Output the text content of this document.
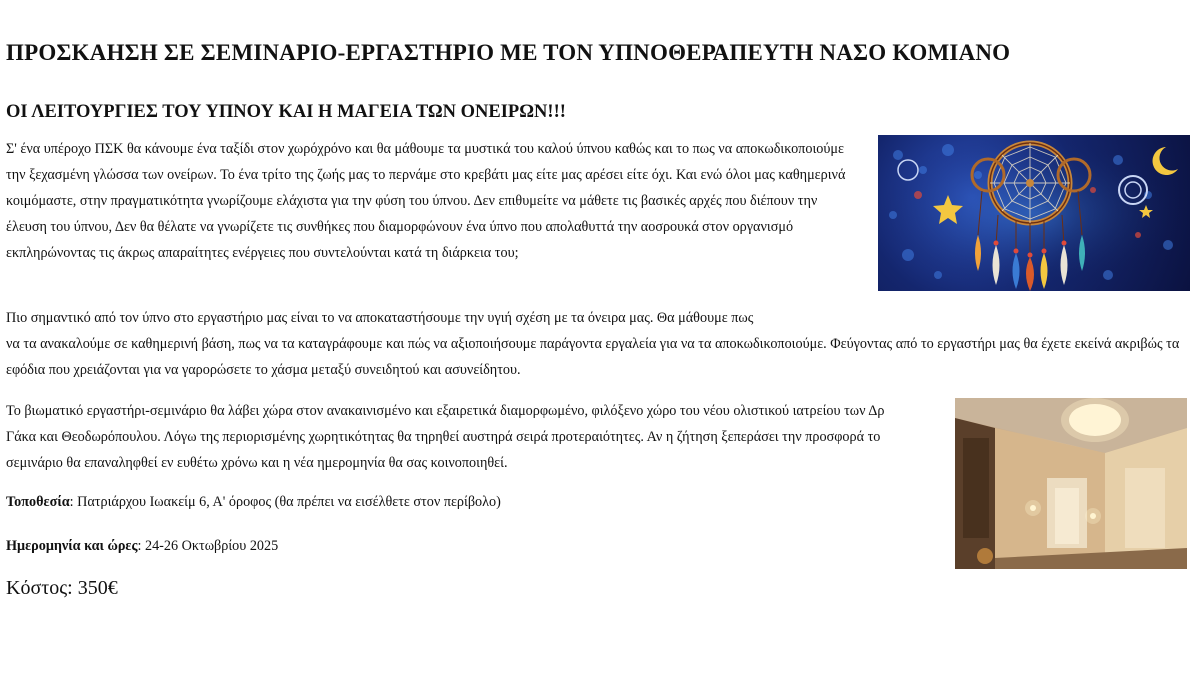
ΠΡΟΣΚΑΗΣΗ ΣΕ ΣΕΜΙΝΑΡΙΟ-ΕΡΓΑΣΤΗΡΙΟ ΜΕ ΤΟΝ ΥΠΝΟΘΕΡΑΠΕΥΤΗ ΝΑΣΟ ΚΟΜΙΑΝΟ
ΟΙ ΛΕΙΤΟΥΡΓΙΕΣ ΤΟΥ ΥΠΝΟΥ ΚΑΙ Η ΜΑΓΕΙΑ ΤΩΝ ΟΝΕΙΡΩΝ!!!

Σ' ένα υπέροχο ΠΣΚ θα κάνουμε ένα ταξίδι στον χωρόχρόνο και θα μάθουμε τα μυστικά του καλού ύπνου καθώς και το πως να αποκωδικοποιούμε την ξεχασμένη γλώσσα των ονείρων. Το ένα τρίτο της ζωής μας το περνάμε στο κρεβάτι μας είτε μας αρέσει είτε όχι. Και ενώ όλοι μας καθημερινά κοιμόμαστε, στην πραγματικότητα γνωρίζουμε ελάχιστα για την φύση του ύπνου. Δεν επιθυμείτε να μάθετε τις βασικές αρχές που διέπουν την έλευση του ύπνου, Δεν θα θέλατε να γνωρίζετε τις συνθήκες που διαμορφώνουν ένα ύπνο που απολαθυττά την αοσρουκά στον οργανισμό εκπληρώνοντας τις άκρως απαραίτητες ενέργειες που συντελούνται κατά τη διάρκεια του;

Πιο σημαντικό από τον ύπνο στο εργαστήριο μας είναι το να αποκαταστήσουμε την υγιή σχέση με τα όνειρα μας. Θα μάθουμε πως
να τα ανακαλούμε σε καθημερινή βάση, πως να τα καταγράφουμε και πώς να αξιοποιήσουμε παράγοντα εργαλεία για να τα αποκωδικοποιούμε. Φεύγοντας από το εργαστήρι μας θα έχετε εκείνά ακριβώς τα εφόδια που χρειάζονται για να γαρορώσετε το χάσμα μεταξύ συνειδητού και ασυνείδητου.

Το βιωματικό εργαστήρι-σεμινάριο θα λάβει χώρα στον ανακαινισμένο και εξαιρετικά διαμορφωμένο, φιλόξενο χώρο του νέου ολιστικού ιατρείου των Δρ Γάκα και Θεοδωρόπουλου. Λόγω της περιορισμένης χωρητικότητας θα τηρηθεί αυστηρά σειρά προτεραιότητες. Αν η ζήτηση ξεπεράσει την προσφορά το σεμινάριο θα επαναληφθεί εν ευθέτω χρόνω και η νέα ημερομηνία θα σας κοινοποιηθεί.

Τοποθεσία: Πατριάρχου Ιωακείμ 6, Α' όροφος (θα πρέπει να εισέλθετε στον περίβολο)

Ημερομηνία και ώρες: 24-26 Οκτωβρίου 2025

Κόστος: 350€
